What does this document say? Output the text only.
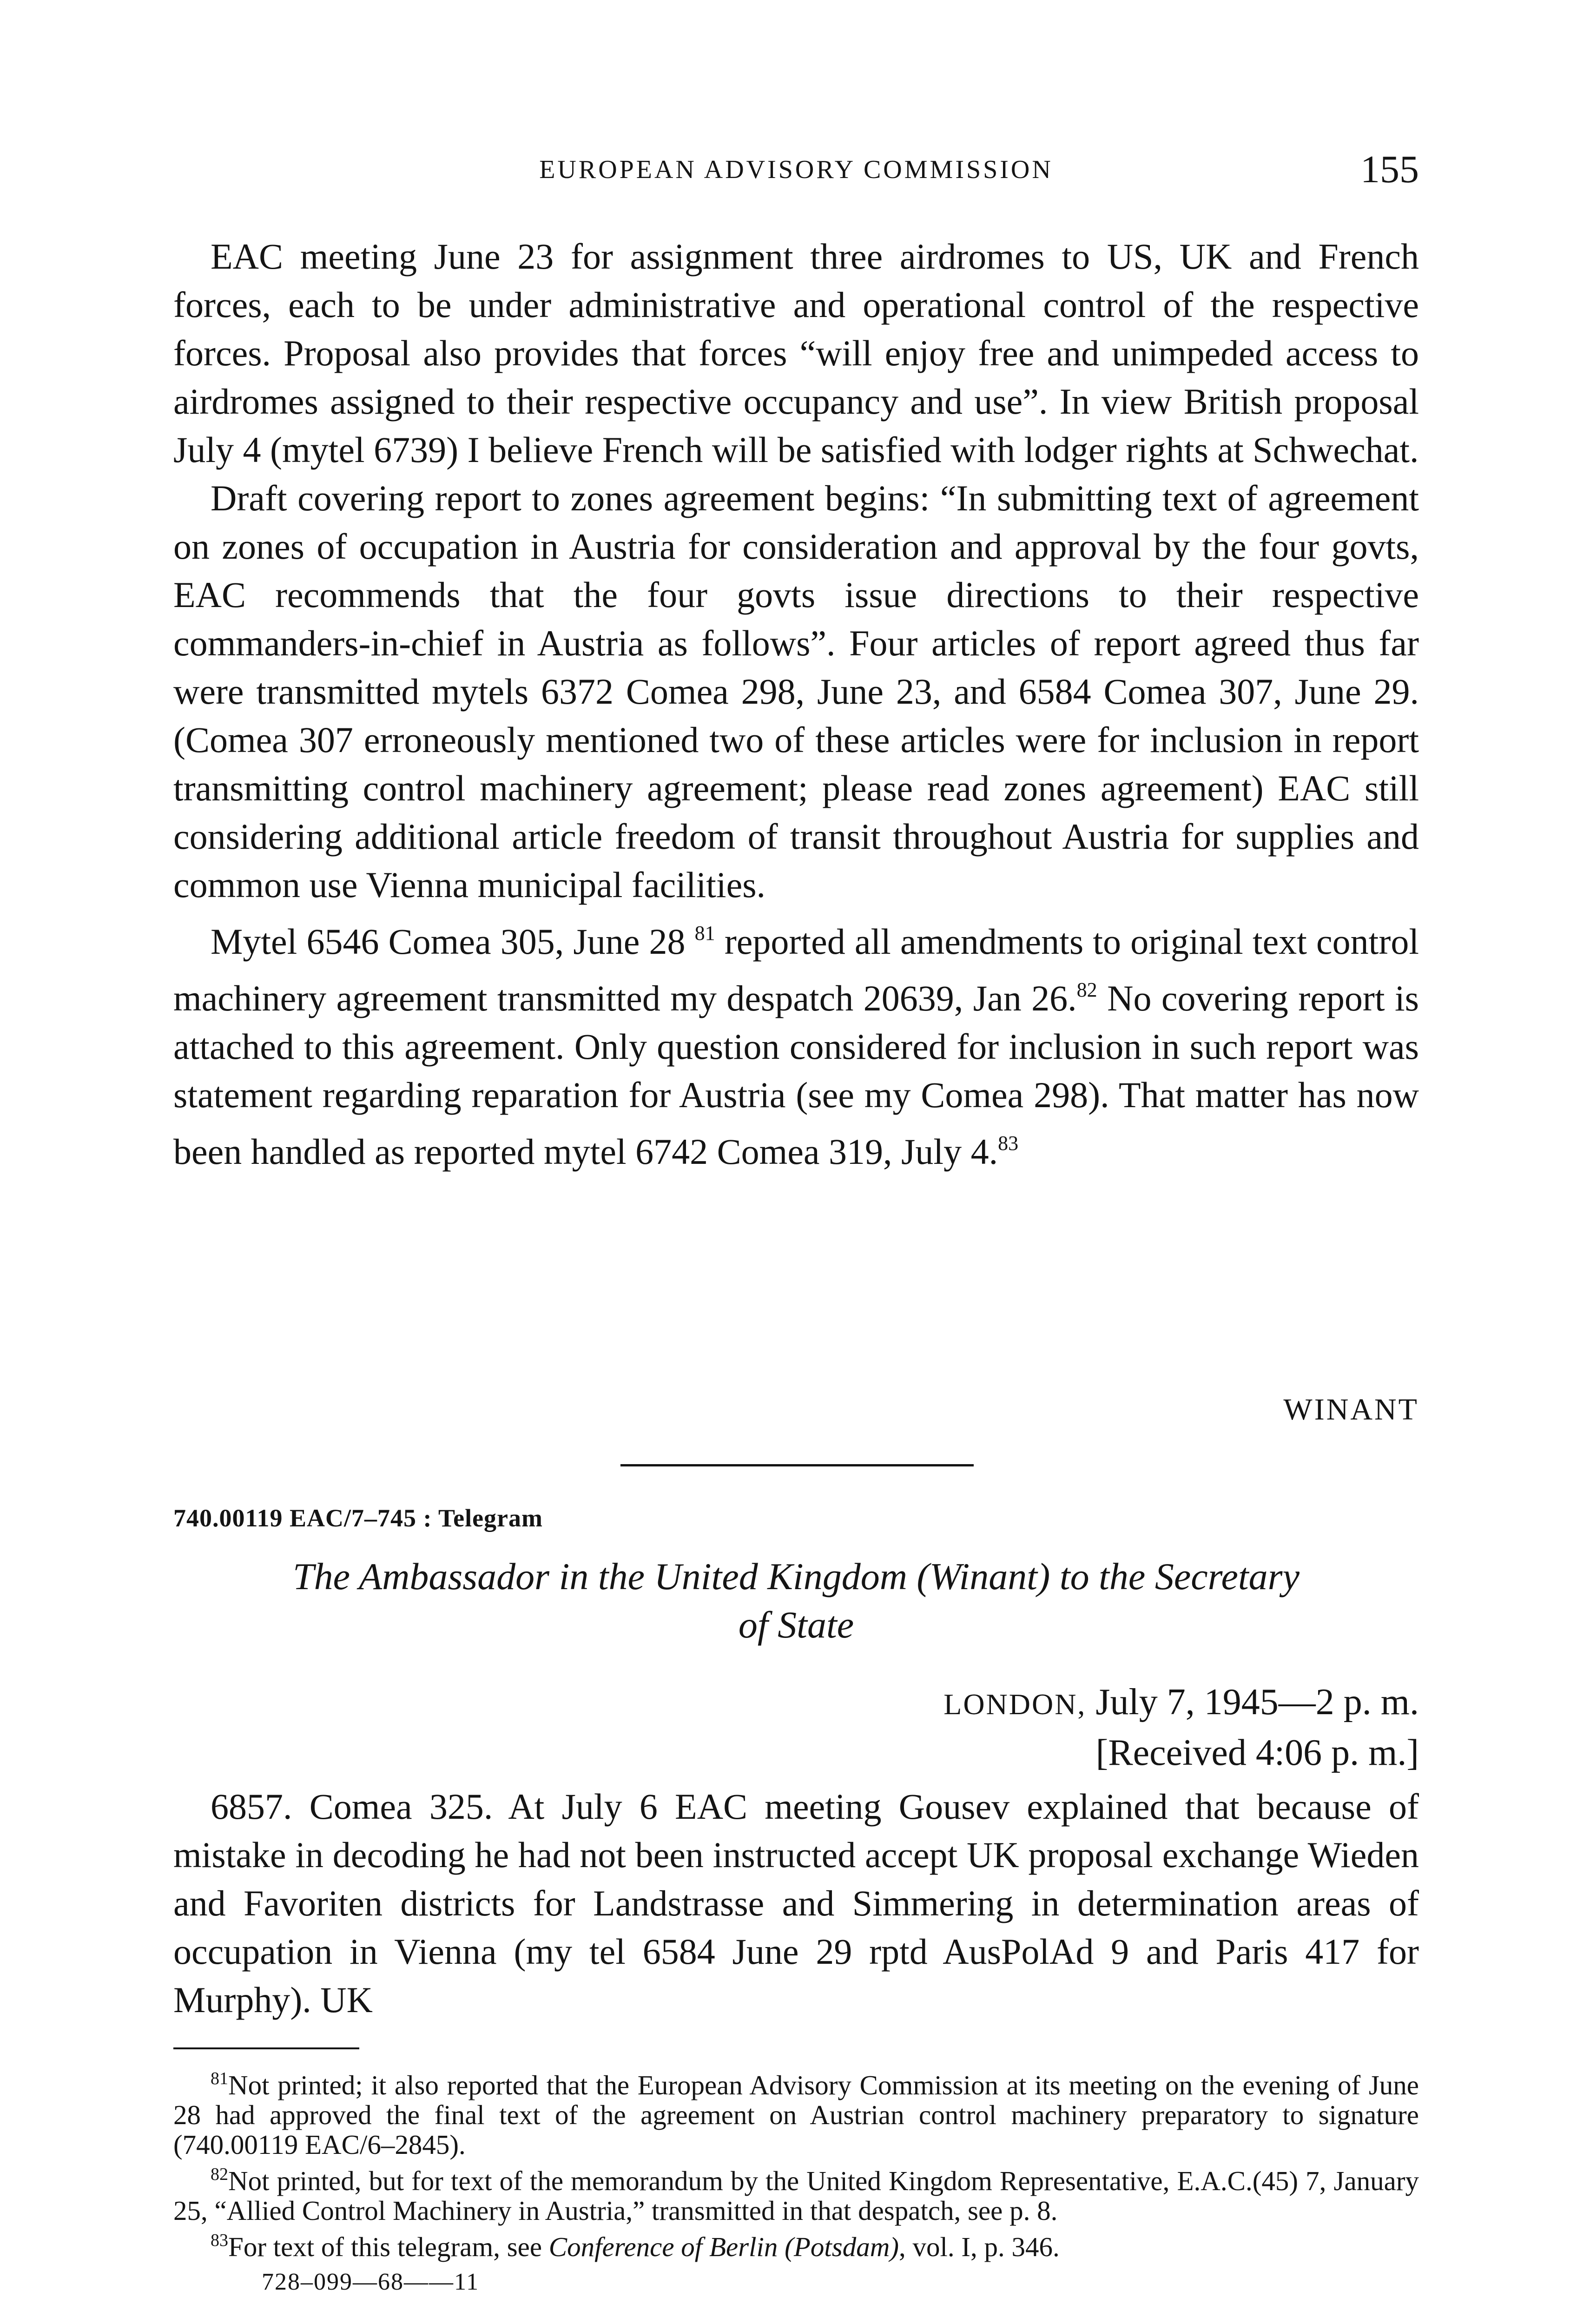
EUROPEAN ADVISORY COMMISSION	155

EAC meeting June 23 for assignment three airdromes to US, UK and French forces, each to be under administrative and operational control of the respective forces. Proposal also provides that forces “will enjoy free and unimpeded access to airdromes assigned to their respective occupancy and use”. In view British proposal July 4 (mytel 6739) I believe French will be satisfied with lodger rights at Schwechat.

Draft covering report to zones agreement begins: “In submitting text of agreement on zones of occupation in Austria for consideration and approval by the four govts, EAC recommends that the four govts issue directions to their respective commanders-in-chief in Austria as follows”. Four articles of report agreed thus far were transmitted mytels 6372 Comea 298, June 23, and 6584 Comea 307, June 29. (Comea 307 erroneously mentioned two of these articles were for inclusion in report transmitting control machinery agreement; please read zones agreement) EAC still considering additional article freedom of transit throughout Austria for supplies and common use Vienna municipal facilities.

Mytel 6546 Comea 305, June 28 $^{81}$ reported all amendments to original text control machinery agreement transmitted my despatch 20639, Jan 26.82 No covering report is attached to this agreement. Only question considered for inclusion in such report was statement regarding reparation for Austria (see my Comea 298). That matter has now been handled as reported mytel 6742 Comea 319, July 4.83

WINANT
740.00119 EAC/7–745 : Telegram

The Ambassador in the United Kingdom (Winant) to the Secretary

of State

LONDON, July 7, 1945—2 p. m.
[Received 4:06 p. m.]

6857. Comea 325. At July 6 EAC meeting Gousev explained that because of mistake in decoding he had not been instructed accept UK proposal exchange Wieden and Favoriten districts for Landstrasse and Simmering in determination areas of occupation in Vienna (my tel 6584 June 29 rptd AusPolAd 9 and Paris 417 for Murphy). UK

$^{81}$Not printed; it also reported that the European Advisory Commission at its meeting on the evening of June 28 had approved the final text of the agreement on Austrian control machinery preparatory to signature (740.00119 EAC/6–2845).

$^{82}$Not printed, but for text of the memorandum by the United Kingdom Representative, E.A.C.(45) 7, January 25, “Allied Control Machinery in Austria,” transmitted in that despatch, see p. 8.

$^{83}$For text of this telegram, see Conference of Berlin (Potsdam), vol. I, p. 346.

728–099—68——11
